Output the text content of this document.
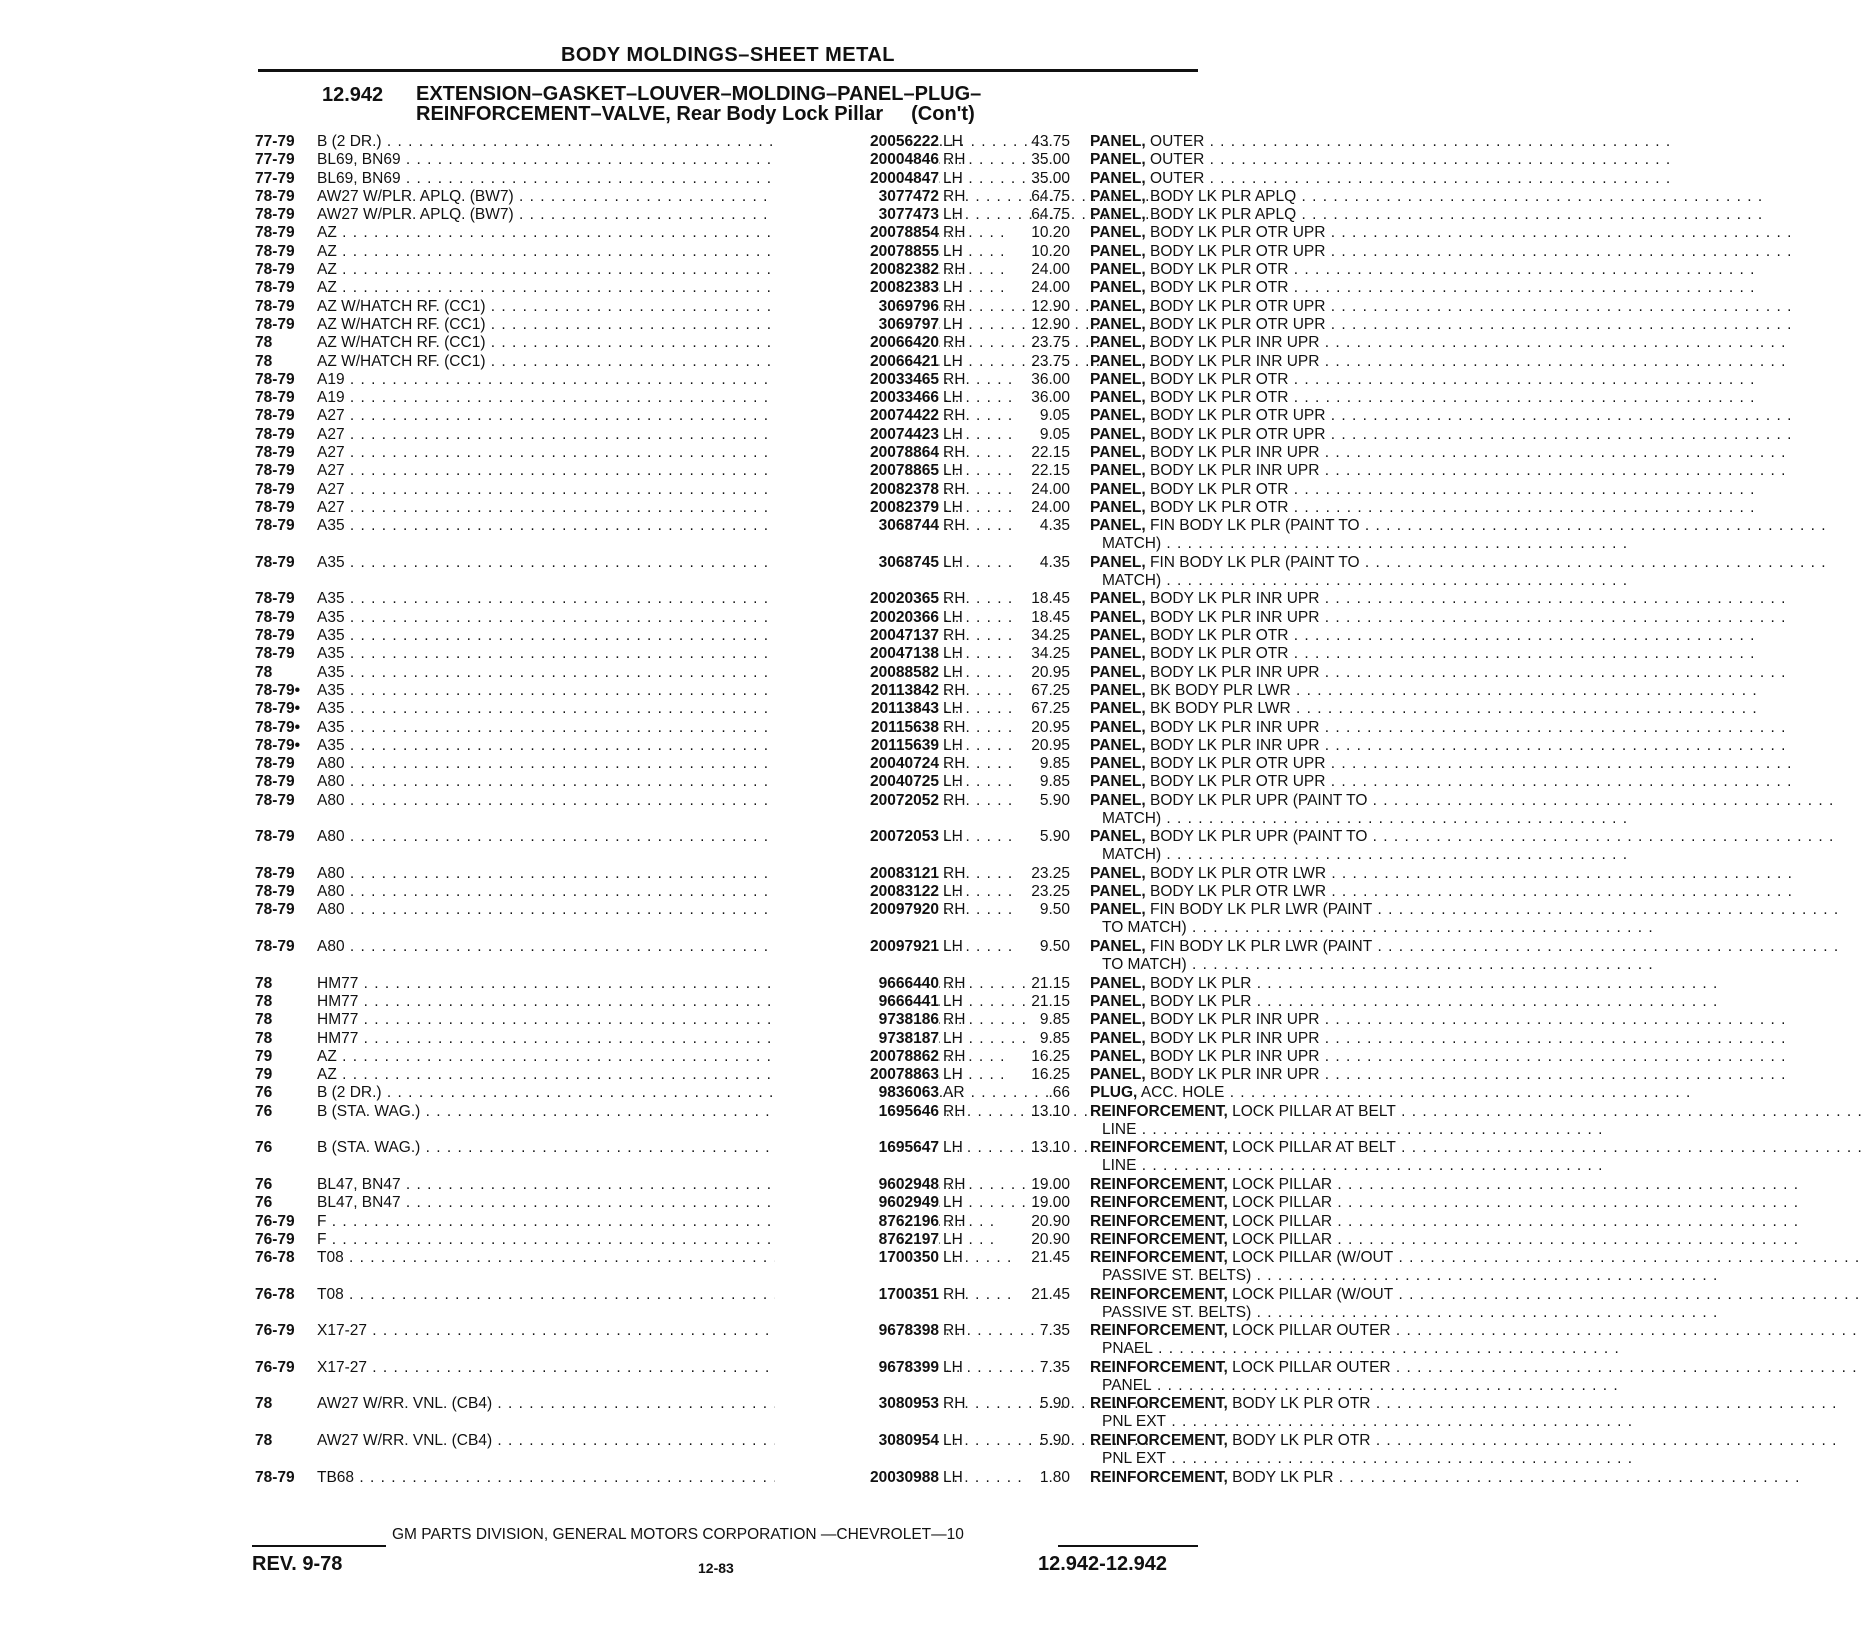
BODY MOLDINGS–SHEET METAL
12.942 EXTENSION–GASKET–LOUVER–MOLDING–PANEL–PLUG–
REINFORCEMENT–VALVE, Rear Body Lock Pillar (Con't)
77-79	B (2 DR.) . . .	20056222 LH	43.75 PANEL, OUTER . . .
77-79	BL69, BN69 . . .	20004846 RH	35.00 PANEL, OUTER . . .
77-79	BL69, BN69 . . .	20004847 LH	35.00 PANEL, OUTER . . .
78-79	AW27 W/PLR. APLQ. (BW7) . . .	3077472 RH	64.75 PANEL, BODY LK PLR APLQ . . .
78-79	AW27 W/PLR. APLQ. (BW7) . . .	3077473 LH	64.75 PANEL, BODY LK PLR APLQ . . .
78-79	AZ . . .	20078854 RH	10.20 PANEL, BODY LK PLR OTR UPR . . .
78-79	AZ . . .	20078855 LH	10.20 PANEL, BODY LK PLR OTR UPR . . .
78-79	AZ . . .	20082382 RH	24.00 PANEL, BODY LK PLR OTR . . .
78-79	AZ . . .	20082383 LH	24.00 PANEL, BODY LK PLR OTR . . .
78-79	AZ W/HATCH RF. (CC1) . . .	3069796 RH	12.90 PANEL, BODY LK PLR OTR UPR . . .
78-79	AZ W/HATCH RF. (CC1) . . .	3069797 LH	12.90 PANEL, BODY LK PLR OTR UPR . . .
78	AZ W/HATCH RF. (CC1) . . .	20066420 RH	23.75 PANEL, BODY LK PLR INR UPR . . .
78	AZ W/HATCH RF. (CC1) . . .	20066421 LH	23.75 PANEL, BODY LK PLR INR UPR . . .
78-79	A19 . . .	20033465 RH	36.00 PANEL, BODY LK PLR OTR . . .
78-79	A19 . . .	20033466 LH	36.00 PANEL, BODY LK PLR OTR . . .
78-79	A27 . . .	20074422 RH	9.05 PANEL, BODY LK PLR OTR UPR . . .
78-79	A27 . . .	20074423 LH	9.05 PANEL, BODY LK PLR OTR UPR . . .
78-79	A27 . . .	20078864 RH	22.15 PANEL, BODY LK PLR INR UPR . . .
78-79	A27 . . .	20078865 LH	22.15 PANEL, BODY LK PLR INR UPR . . .
78-79	A27 . . .	20082378 RH	24.00 PANEL, BODY LK PLR OTR . . .
78-79	A27 . . .	20082379 LH	24.00 PANEL, BODY LK PLR OTR . . .
78-79	A35 . . .	3068744 RH	4.35 PANEL, FIN BODY LK PLR (PAINT TO . . .
MATCH) . . .
78-79	A35 . . .	3068745 LH	4.35 PANEL, FIN BODY LK PLR (PAINT TO . . .
MATCH) . . .
78-79	A35 . . .	20020365 RH	18.45 PANEL, BODY LK PLR INR UPR . . .
78-79	A35 . . .	20020366 LH	18.45 PANEL, BODY LK PLR INR UPR . . .
78-79	A35 . . .	20047137 RH	34.25 PANEL, BODY LK PLR OTR . . .
78-79	A35 . . .	20047138 LH	34.25 PANEL, BODY LK PLR OTR . . .
78	A35 . . .	20088582 LH	20.95 PANEL, BODY LK PLR INR UPR . . .
78-79•	A35 . . .	20113842 RH	67.25 PANEL, BK BODY PLR LWR . . .
78-79•	A35 . . .	20113843 LH	67.25 PANEL, BK BODY PLR LWR . . .
78-79•	A35 . . .	20115638 RH	20.95 PANEL, BODY LK PLR INR UPR . . .
78-79•	A35 . . .	20115639 LH	20.95 PANEL, BODY LK PLR INR UPR . . .
78-79	A80 . . .	20040724 RH	9.85 PANEL, BODY LK PLR OTR UPR . . .
78-79	A80 . . .	20040725 LH	9.85 PANEL, BODY LK PLR OTR UPR . . .
78-79	A80 . . .	20072052 RH	5.90 PANEL, BODY LK PLR UPR (PAINT TO . . .
MATCH) . . .
78-79	A80 . . .	20072053 LH	5.90 PANEL, BODY LK PLR UPR (PAINT TO . . .
MATCH) . . .
78-79	A80 . . .	20083121 RH	23.25 PANEL, BODY LK PLR OTR LWR . . .
78-79	A80 . . .	20083122 LH	23.25 PANEL, BODY LK PLR OTR LWR . . .
78-79	A80 . . .	20097920 RH	9.50 PANEL, FIN BODY LK PLR LWR (PAINT . . .
TO MATCH) . . .
78-79	A80 . . .	20097921 LH	9.50 PANEL, FIN BODY LK PLR LWR (PAINT . . .
TO MATCH) . . .
78	HM77 . . .	9666440 RH	21.15 PANEL, BODY LK PLR . . .
78	HM77 . . .	9666441 LH	21.15 PANEL, BODY LK PLR . . .
78	HM77 . . .	9738186 RH	9.85 PANEL, BODY LK PLR INR UPR . . .
78	HM77 . . .	9738187 LH	9.85 PANEL, BODY LK PLR INR UPR . . .
79	AZ . . .	20078862 RH	16.25 PANEL, BODY LK PLR INR UPR . . .
79	AZ . . .	20078863 LH	16.25 PANEL, BODY LK PLR INR UPR . . .
76	B (2 DR.) . . .	9836063 AR	.66 PLUG, ACC. HOLE . . .
76	B (STA. WAG.) . . .	1695646 RH	13.10 REINFORCEMENT, LOCK PILLAR AT BELT . . .
LINE . . .
76	B (STA. WAG.) . . .	1695647 LH	13.10 REINFORCEMENT, LOCK PILLAR AT BELT . . .
LINE . . .
76	BL47, BN47 . . .	9602948 RH	19.00 REINFORCEMENT, LOCK PILLAR . . .
76	BL47, BN47 . . .	9602949 LH	19.00 REINFORCEMENT, LOCK PILLAR . . .
76-79	F . . .	8762196 RH	20.90 REINFORCEMENT, LOCK PILLAR . . .
76-79	F . . .	8762197 LH	20.90 REINFORCEMENT, LOCK PILLAR . . .
76-78	T08 . . .	1700350 LH	21.45 REINFORCEMENT, LOCK PILLAR (W/OUT . . .
PASSIVE ST. BELTS) . . .
76-78	T08 . . .	1700351 RH	21.45 REINFORCEMENT, LOCK PILLAR (W/OUT . . .
PASSIVE ST. BELTS) . . .
76-79	X17-27 . . .	9678398 RH	7.35 REINFORCEMENT, LOCK PILLAR OUTER . . .
PNAEL . . .
76-79	X17-27 . . .	9678399 LH	7.35 REINFORCEMENT, LOCK PILLAR OUTER . . .
PANEL . . .
78	AW27 W/RR. VNL. (CB4) . . .	3080953 RH	5.90 REINFORCEMENT, BODY LK PLR OTR . . .
PNL EXT . . .
78	AW27 W/RR. VNL. (CB4) . . .	3080954 LH	5.90 REINFORCEMENT, BODY LK PLR OTR . . .
PNL EXT . . .
78-79	TB68 . . .	20030988 LH	1.80 REINFORCEMENT, BODY LK PLR . . .
GM PARTS DIVISION, GENERAL MOTORS CORPORATION —CHEVROLET—10
REV. 9-78	12-83	12.942-12.942
